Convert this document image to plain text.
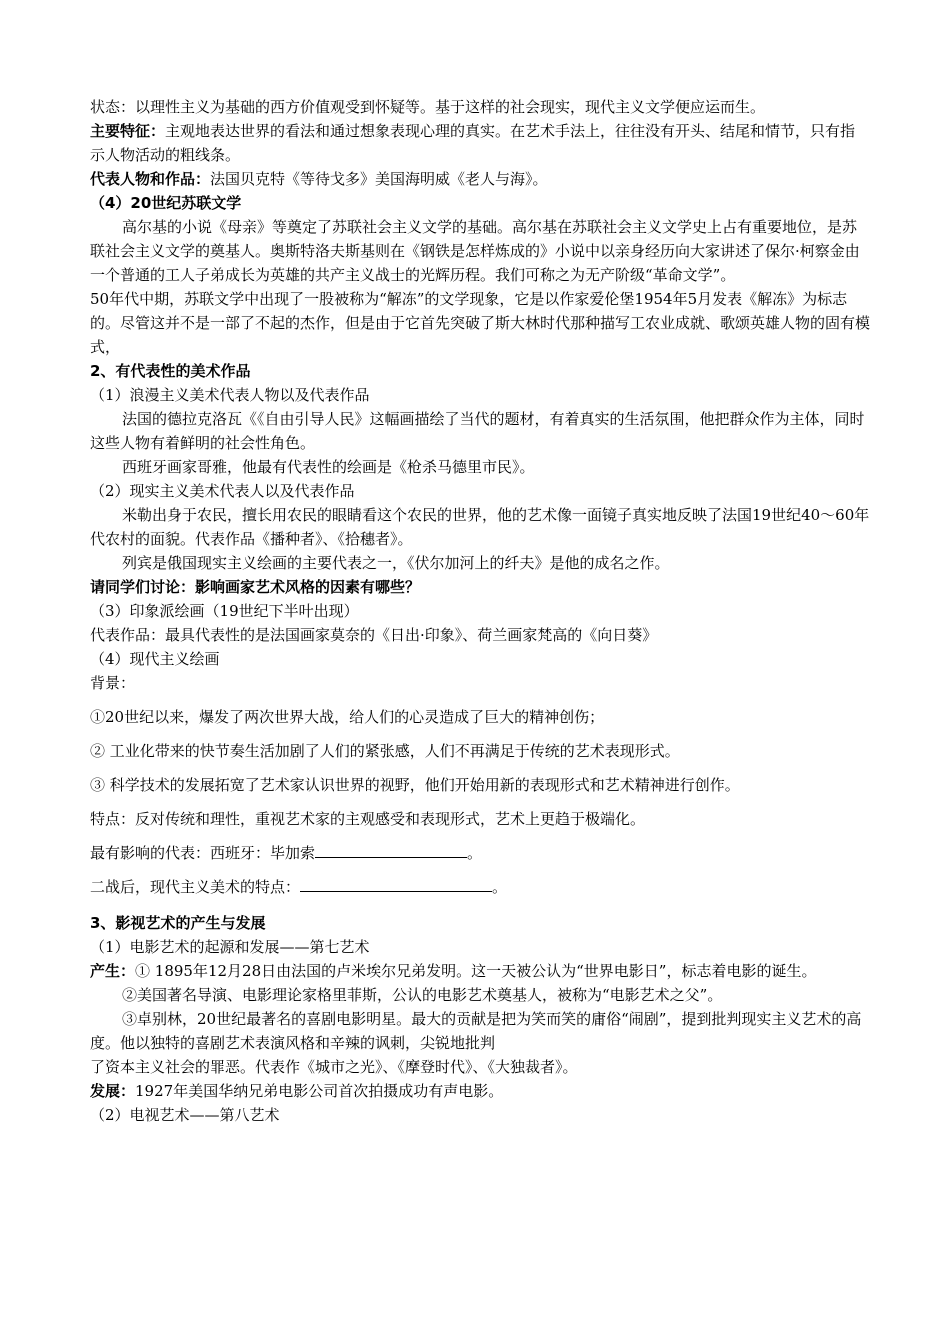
状态：以理性主义为基础的西方价值观受到怀疑等。基于这样的社会现实，现代主义文学便应运而生。

主要特征：主观地表达世界的看法和通过想象表现心理的真实。在艺术手法上，往往没有开头、结尾和情节，只有指示人物活动的粗线条。

代表人物和作品：法国贝克特《等待戈多》美国海明威《老人与海》。

（4）20世纪苏联文学

高尔基的小说《母亲》等奠定了苏联社会主义文学的基础。高尔基在苏联社会主义文学史上占有重要地位，是苏联社会主义文学的奠基人。奥斯特洛夫斯基则在《钢铁是怎样炼成的》小说中以亲身经历向大家讲述了保尔·柯察金由一个普通的工人子弟成长为英雄的共产主义战士的光辉历程。我们可称之为无产阶级“革命文学”。

50年代中期，苏联文学中出现了一股被称为“解冻”的文学现象，它是以作家爱伦堡1954年5月发表《解冻》为标志的。尽管这并不是一部了不起的杰作，但是由于它首先突破了斯大林时代那种描写工农业成就、歌颂英雄人物的固有模式，

2、有代表性的美术作品

（1）浪漫主义美术代表人物以及代表作品

法国的德拉克洛瓦《《自由引导人民》这幅画描绘了当代的题材，有着真实的生活氛围，他把群众作为主体，同时这些人物有着鲜明的社会性角色。

西班牙画家哥雅，他最有代表性的绘画是《枪杀马德里市民》。

（2）现实主义美术代表人以及代表作品

米勒出身于农民，擅长用农民的眼睛看这个农民的世界，他的艺术像一面镜子真实地反映了法国19世纪40～60年代农村的面貌。代表作品《播种者》、《拾穗者》。

列宾是俄国现实主义绘画的主要代表之一，《伏尔加河上的纤夫》是他的成名之作。

请同学们讨论：影响画家艺术风格的因素有哪些？

（3）印象派绘画（19世纪下半叶出现）

代表作品：最具代表性的是法国画家莫奈的《日出·印象》、荷兰画家梵高的《向日葵》

（4）现代主义绘画

背景：

①20世纪以来，爆发了两次世界大战，给人们的心灵造成了巨大的精神创伤；

② 工业化带来的快节奏生活加剧了人们的紧张感，人们不再满足于传统的艺术表现形式。

③ 科学技术的发展拓宽了艺术家认识世界的视野，他们开始用新的表现形式和艺术精神进行创作。

特点：反对传统和理性，重视艺术家的主观感受和表现形式，艺术上更趋于极端化。

最有影响的代表：西班牙：毕加索	。

二战后，现代主义美术的特点：	。

3、影视艺术的产生与发展

（1）电影艺术的起源和发展——第七艺术

产生：① 1895年12月28日由法国的卢米埃尔兄弟发明。这一天被公认为“世界电影日”，标志着电影的诞生。

②美国著名导演、电影理论家格里菲斯，公认的电影艺术奠基人，被称为“电影艺术之父”。

③卓别林，20世纪最著名的喜剧电影明星。最大的贡献是把为笑而笑的庸俗“闹剧”，提到批判现实主义艺术的高度。他以独特的喜剧艺术表演风格和辛辣的讽刺，尖锐地批判

了资本主义社会的罪恶。代表作《城市之光》、《摩登时代》、《大独裁者》。

发展：1927年美国华纳兄弟电影公司首次拍摄成功有声电影。

（2）电视艺术——第八艺术
